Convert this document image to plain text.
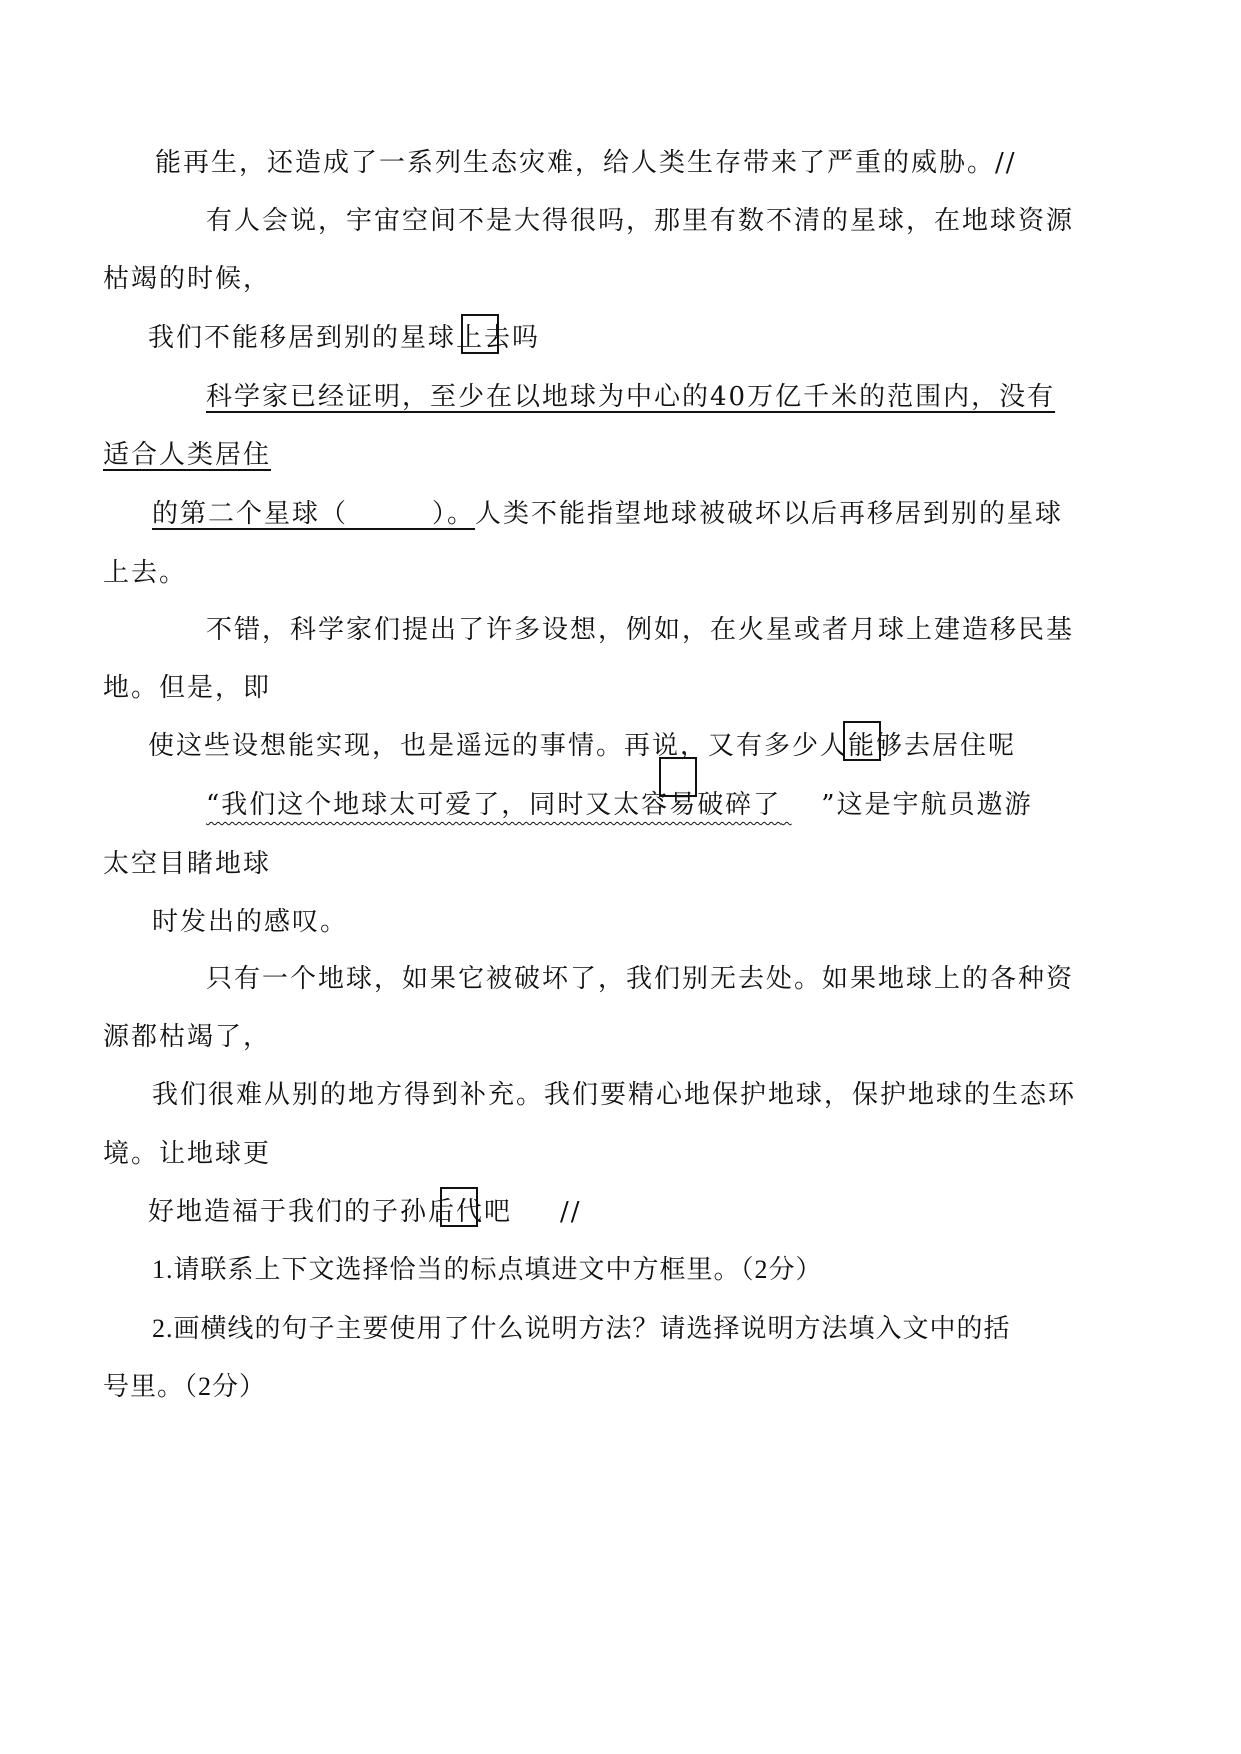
能再生，还造成了一系列生态灾难，给人类生存带来了严重的威胁。//
有人会说，宇宙空间不是大得很吗，那里有数不清的星球，在地球资源
枯竭的时候，
我们不能移居到别的星球上去吗
科学家已经证明，至少在以地球为中心的40万亿千米的范围内，没有
适合人类居住
的第二个星球（　　　）。人类不能指望地球被破坏以后再移居到别的星球
上去。
不错，科学家们提出了许多设想，例如，在火星或者月球上建造移民基
地。但是，即
使这些设想能实现，也是遥远的事情。再说，又有多少人能够去居住呢
“我们这个地球太可爱了，同时又太容易破碎了 ”这是宇航员遨游
太空目睹地球
时发出的感叹。
只有一个地球，如果它被破坏了，我们别无去处。如果地球上的各种资
源都枯竭了，
我们很难从别的地方得到补充。我们要精心地保护地球，保护地球的生态环
境。让地球更
好地造福于我们的子孙后代吧 //
1.请联系上下文选择恰当的标点填进文中方框里。（2分）
2.画横线的句子主要使用了什么说明方法？请选择说明方法填入文中的括
号里。（2分）
